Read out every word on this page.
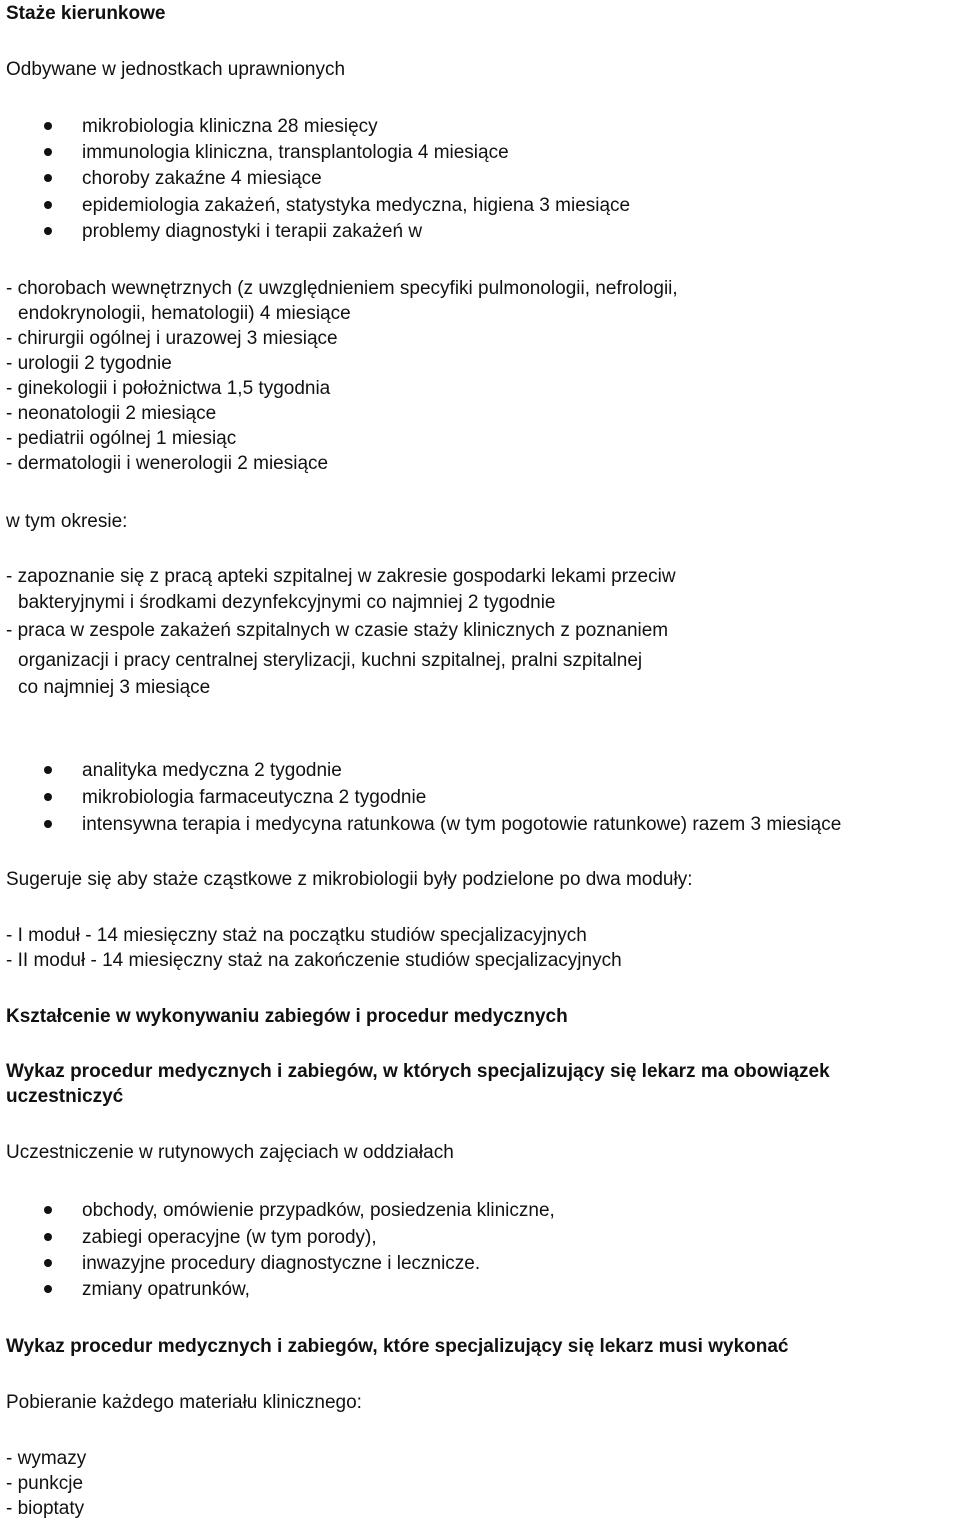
Staże kierunkowe
Odbywane w jednostkach uprawnionych
mikrobiologia kliniczna 28 miesięcy
immunologia kliniczna, transplantologia 4 miesiące
choroby zakaźne 4 miesiące
epidemiologia zakażeń, statystyka medyczna, higiena 3 miesiące
problemy diagnostyki i terapii zakażeń w
- chorobach wewnętrznych (z uwzględnieniem specyfiki pulmonologii, nefrologii,
endokrynologii, hematologii) 4 miesiące
- chirurgii ogólnej i urazowej 3 miesiące
- urologii 2 tygodnie
- ginekologii i położnictwa 1,5 tygodnia
- neonatologii 2 miesiące
- pediatrii ogólnej 1 miesiąc
- dermatologii i wenerologii 2 miesiące
w tym okresie:
- zapoznanie się z pracą apteki szpitalnej w zakresie gospodarki lekami przeciw
bakteryjnymi i środkami dezynfekcyjnymi co najmniej 2 tygodnie
- praca w zespole zakażeń szpitalnych w czasie staży klinicznych z poznaniem
organizacji i pracy centralnej sterylizacji, kuchni szpitalnej, pralni szpitalnej
co najmniej 3 miesiące
analityka medyczna 2 tygodnie
mikrobiologia farmaceutyczna 2 tygodnie
intensywna terapia i medycyna ratunkowa (w tym pogotowie ratunkowe) razem 3 miesiące
Sugeruje się aby staże cząstkowe z mikrobiologii były podzielone po dwa moduły:
- I moduł - 14 miesięczny staż na początku studiów specjalizacyjnych
- II moduł - 14 miesięczny staż na zakończenie studiów specjalizacyjnych
Kształcenie w wykonywaniu zabiegów i procedur medycznych
Wykaz procedur medycznych i zabiegów, w których specjalizujący się lekarz ma obowiązek
uczestniczyć
Uczestniczenie w rutynowych zajęciach w oddziałach
obchody, omówienie przypadków, posiedzenia kliniczne,
zabiegi operacyjne (w tym porody),
inwazyjne procedury diagnostyczne i lecznicze.
zmiany opatrunków,
Wykaz procedur medycznych i zabiegów, które specjalizujący się lekarz musi wykonać
Pobieranie każdego materiału klinicznego:
- wymazy
- punkcje
- bioptaty
